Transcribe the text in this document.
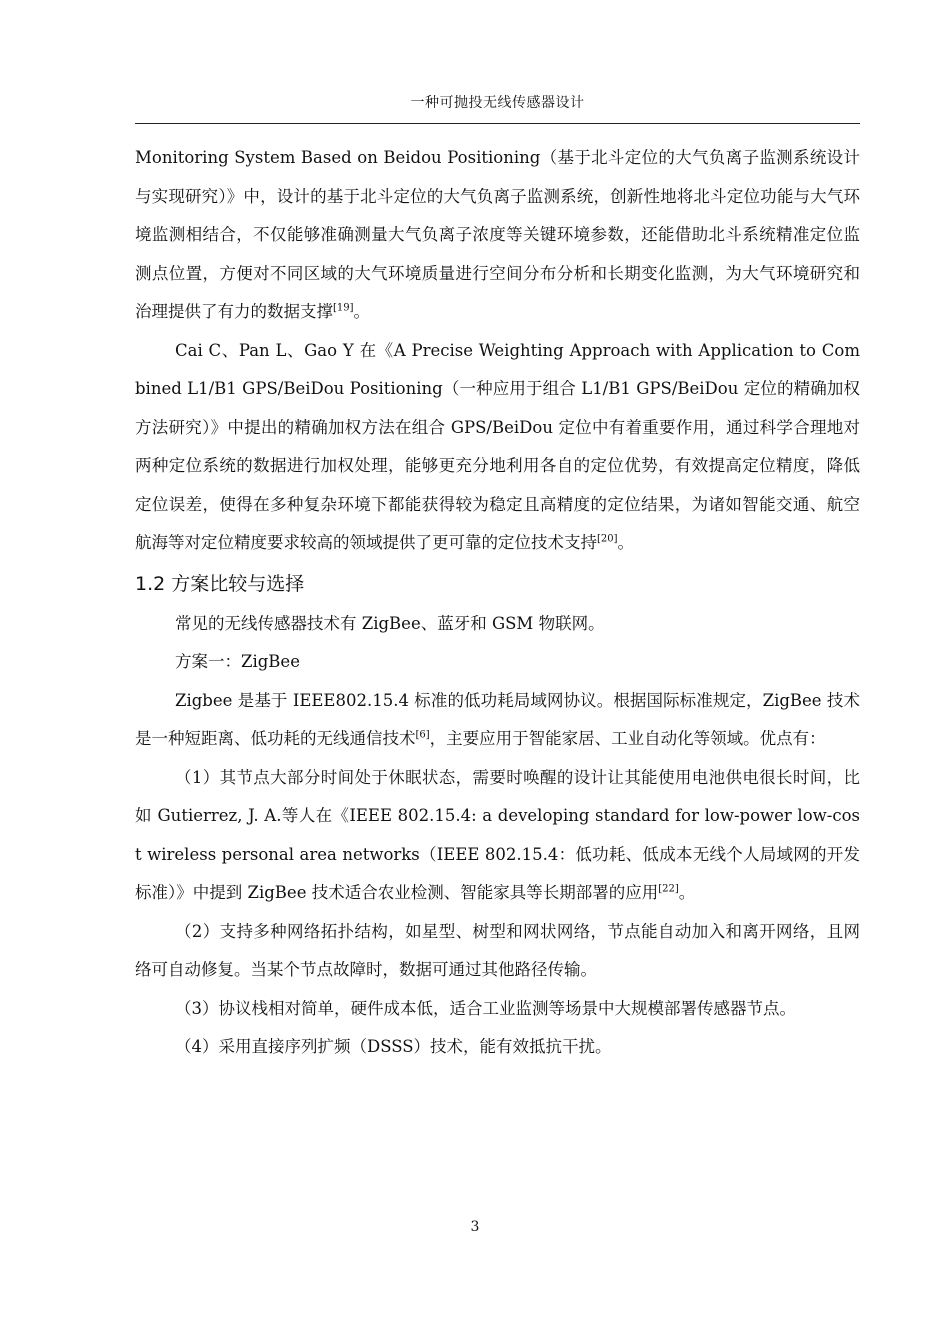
一种可抛投无线传感器设计

Monitoring System Based on Beidou Positioning（基于北斗定位的大气负离子监测系统设计与实现研究）》中，设计的基于北斗定位的大气负离子监测系统，创新性地将北斗定位功能与大气环境监测相结合，不仅能够准确测量大气负离子浓度等关键环境参数，还能借助北斗系统精准定位监测点位置，方便对不同区域的大气环境质量进行空间分布分析和长期变化监测，为大气环境研究和治理提供了有力的数据支撑[19]。

Cai C、Pan L、Gao Y 在《A Precise Weighting Approach with Application to Combined L1/B1 GPS/BeiDou Positioning（一种应用于组合 L1/B1 GPS/BeiDou 定位的精确加权方法研究）》中提出的精确加权方法在组合 GPS/BeiDou 定位中有着重要作用，通过科学合理地对两种定位系统的数据进行加权处理，能够更充分地利用各自的定位优势，有效提高定位精度，降低定位误差，使得在多种复杂环境下都能获得较为稳定且高精度的定位结果，为诸如智能交通、航空航海等对定位精度要求较高的领域提供了更可靠的定位技术支持[20]。

1.2 方案比较与选择

常见的无线传感器技术有 ZigBee、蓝牙和 GSM 物联网。

方案一：ZigBee

Zigbee 是基于 IEEE802.15.4 标准的低功耗局域网协议。根据国际标准规定，ZigBee 技术是一种短距离、低功耗的无线通信技术[6]，主要应用于智能家居、工业自动化等领域。优点有：

（1）其节点大部分时间处于休眠状态，需要时唤醒的设计让其能使用电池供电很长时间，比如 Gutierrez, J. A.等人在《IEEE 802.15.4: a developing standard for low-power low-cost wireless personal area networks（IEEE 802.15.4：低功耗、低成本无线个人局域网的开发标准）》中提到 ZigBee 技术适合农业检测、智能家具等长期部署的应用[22]。

（2）支持多种网络拓扑结构，如星型、树型和网状网络，节点能自动加入和离开网络，且网络可自动修复。当某个节点故障时，数据可通过其他路径传输。

（3）协议栈相对简单，硬件成本低，适合工业监测等场景中大规模部署传感器节点。

（4）采用直接序列扩频（DSSS）技术，能有效抵抗干扰。

3
